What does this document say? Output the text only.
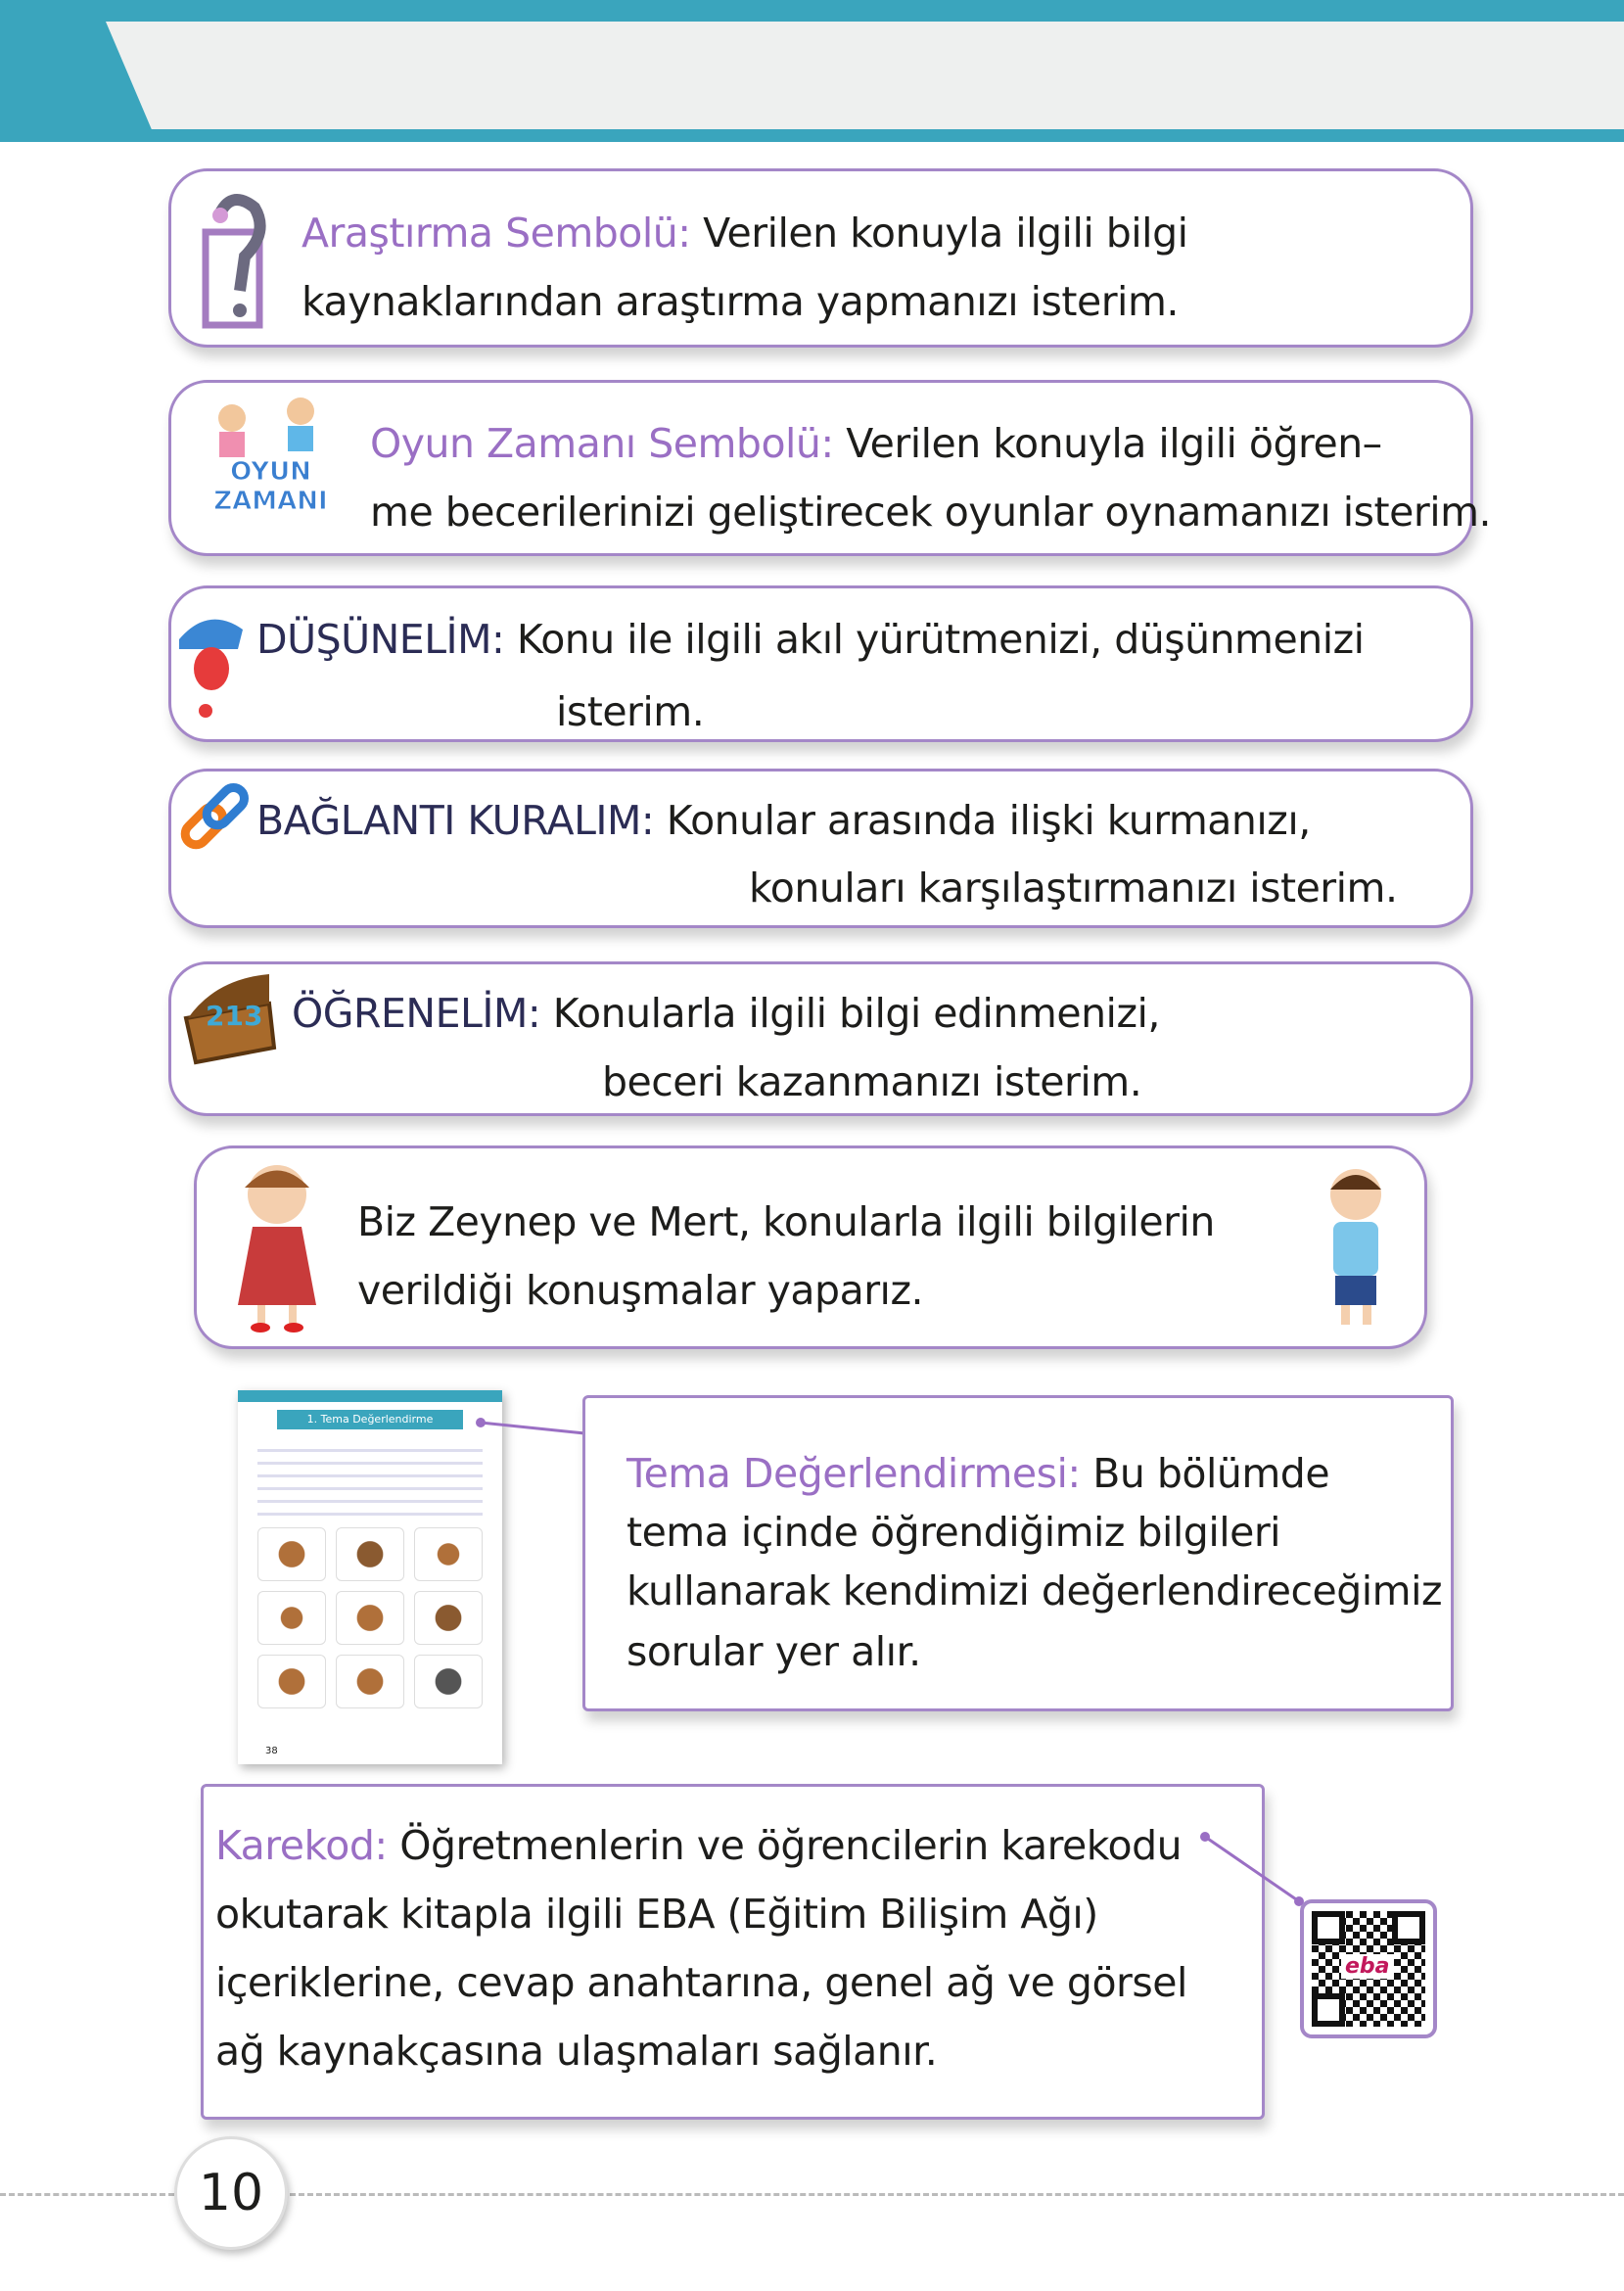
Araştırma Sembolü: Verilen konuyla ilgili bilgi
kaynaklarından araştırma yapmanızı isterim.
OYUN ZAMANI
Oyun Zamanı Sembolü: Verilen konuyla ilgili öğren–
me becerilerinizi geliştirecek oyunlar oynamanızı isterim.
DÜŞÜNELİM: Konu ile ilgili akıl yürütmenizi, düşünmenizi
isterim.
BAĞLANTI KURALIM: Konular arasında ilişki kurmanızı,
konuları karşılaştırmanızı isterim.
213 ÖĞRENELİM: Konularla ilgili bilgi edinmenizi,
beceri kazanmanızı isterim.
Biz Zeynep ve Mert, konularla ilgili bilgilerin
verildiği konuşmalar yaparız.
1. Tema Değerlendirme
38
Tema Değerlendirmesi: Bu bölümde
tema içinde öğrendiğimiz bilgileri
kullanarak kendimizi değerlendireceğimiz
sorular yer alır.
Karekod: Öğretmenlerin ve öğrencilerin karekodu
okutarak kitapla ilgili EBA (Eğitim Bilişim Ağı)
içeriklerine, cevap anahtarına, genel ağ ve görsel
ağ kaynakçasına ulaşmaları sağlanır.
eba
10
